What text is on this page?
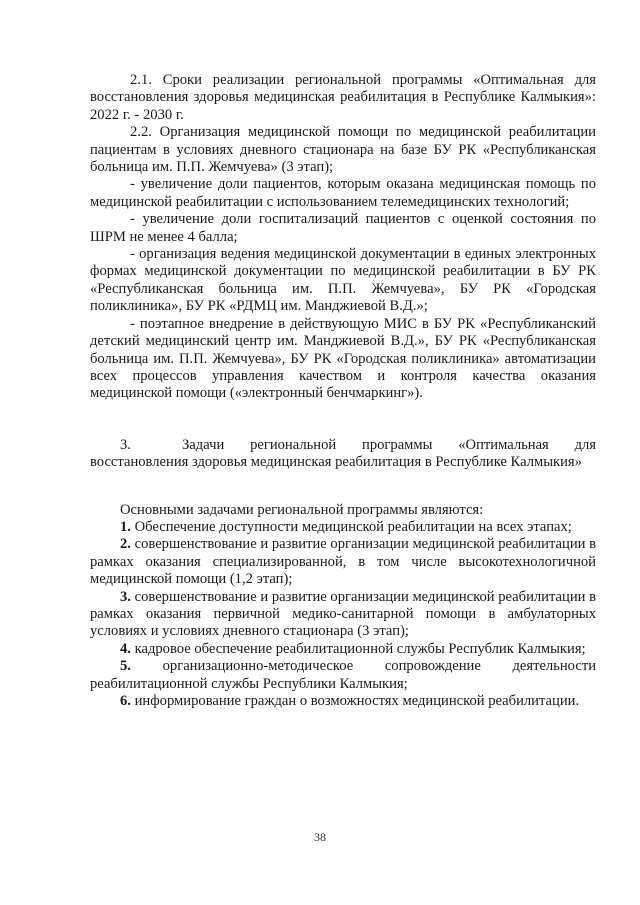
2.1. Сроки реализации региональной программы «Оптимальная для восстановления здоровья медицинская реабилитация в Республике Калмыкия»: 2022 г. - 2030 г.

2.2. Организация медицинской помощи по медицинской реабилитации пациентам в условиях дневного стационара на базе БУ РК «Республиканская больница им. П.П. Жемчуева» (3 этап);

- увеличение доли пациентов, которым оказана медицинская помощь по медицинской реабилитации с использованием телемедицинских технологий;

- увеличение доли госпитализаций пациентов с оценкой состояния по ШРМ не менее 4 балла;

- организация ведения медицинской документации в единых электронных формах медицинской документации по медицинской реабилитации в БУ РК «Республиканская больница им. П.П. Жемчуева», БУ РК «Городская поликлиника», БУ РК «РДМЦ им. Манджиевой В.Д.»;

- поэтапное внедрение в действующую МИС в БУ РК «Республиканский детский медицинский центр им. Манджиевой В.Д.», БУ РК «Республиканская больница им. П.П. Жемчуева», БУ РК «Городская поликлиника» автоматизации всех процессов управления качеством и контроля качества оказания медицинской помощи («электронный бенчмаркинг»).

3.	Задачи региональной программы «Оптимальная для восстановления здоровья медицинская реабилитация в Республике Калмыкия»

Основными задачами региональной программы являются:

1. Обеспечение доступности медицинской реабилитации на всех этапах;

2. совершенствование и развитие организации медицинской реабилитации в рамках оказания специализированной, в том числе высокотехнологичной медицинской помощи (1,2 этап);

3. совершенствование и развитие организации медицинской реабилитации в рамках оказания первичной медико-санитарной помощи в амбулаторных условиях и условиях дневного стационара (3 этап);

4. кадровое обеспечение реабилитационной службы Республик Калмыкия;

5. организационно-методическое сопровождение деятельности реабилитационной службы Республики Калмыкия;

6. информирование граждан о возможностях медицинской реабилитации.

38
